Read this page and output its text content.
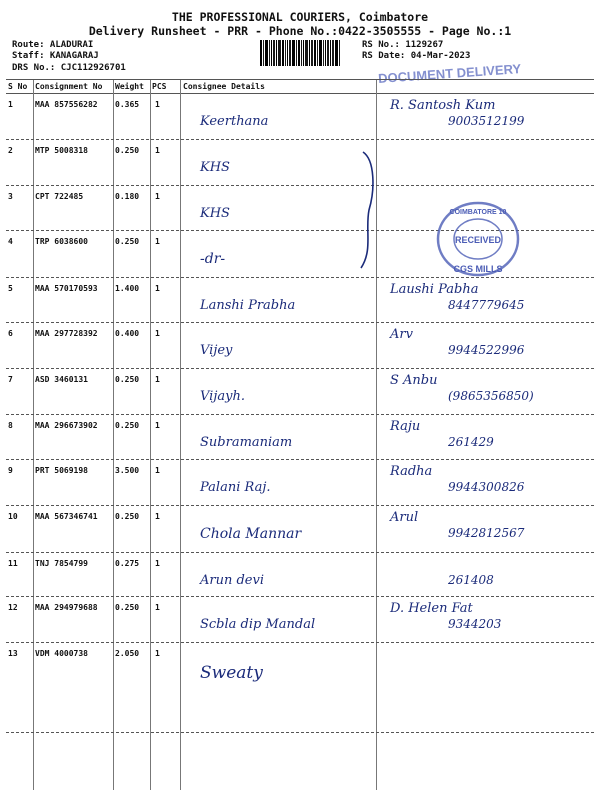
THE PROFESSIONAL COURIERS, Coimbatore
Delivery Runsheet - PRR - Phone No.:0422-3505555 - Page No.:1
Route: ALADURAI
Staff: KANAGARAJ
DRS No.: CJC112926701
RS No.: 1129267
RS Date: 04-Mar-2023
DOCUMENT DELIVERY
S No Consignment No Weight PCS Consignee Details
1	MAA 857556282 0.365 1
Keerthana
R. Santosh Kum
9003512199
2	MTP 5008318	0.250 1
KHS
3	CPT 722485	0.180 1
KHS
4	TRP 6038600	0.250 1
-dr-
5	MAA 570170593 1.400 1
Lanshi Prabha
Laushi Pabha
8447779645
6	MAA 297728392 0.400 1
Vijey
Arv
9944522996
7	ASD 3460131	0.250 1
Vijayh.
S Anbu
(9865356850)
8	MAA 296673902 0.250 1
Subramaniam
Raju
261429
9	PRT 5069198	3.500 1
Palani Raj.
Radha
9944300826
10 MAA 567346741 0.250 1
Chola Mannar
Arul
9942812567
11 TNJ 7854799	0.275 1
Arun devi	261408
12 MAA 294979688 0.250 1
Scbla dip Mandal
D. Helen Fat
9344203
13 VDM 4000738	2.050 1
Sweaty
RECEIVED
CGS MILLS
COIMBATORE 10
